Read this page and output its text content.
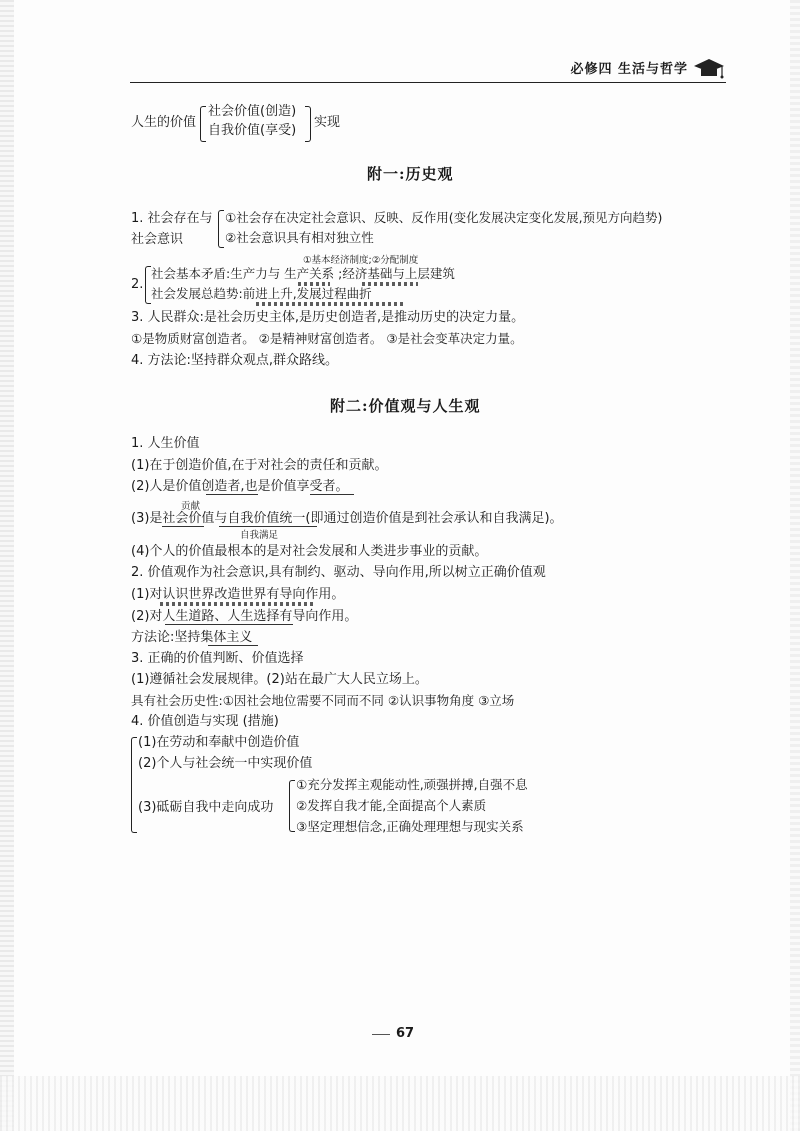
必修四 生活与哲学
人生的价值
社会价值(创造)
自我价值(享受)
实现
附一:历史观
1. 社会存在与
社会意识
①社会存在决定社会意识、反映、反作用(变化发展决定变化发展,预见方向趋势)
②社会意识具有相对独立性
①基本经济制度;②分配制度
2.
社会基本矛盾:生产力与 生产关系 ;经济基础与上层建筑
社会发展总趋势:前进上升,发展过程曲折
3. 人民群众:是社会历史主体,是历史创造者,是推动历史的决定力量。
①是物质财富创造者。 ②是精神财富创造者。 ③是社会变革决定力量。
4. 方法论:坚持群众观点,群众路线。
附二:价值观与人生观
1. 人生价值
(1)在于创造价值,在于对社会的责任和贡献。
(2)人是价值创造者,也是价值享受者。
贡献
(3)是社会价值与自我价值统一(即通过创造价值是到社会承认和自我满足)。
自我满足
(4)个人的价值最根本的是对社会发展和人类进步事业的贡献。
2. 价值观作为社会意识,具有制约、驱动、导向作用,所以树立正确价值观
(1)对认识世界改造世界有导向作用。
(2)对人生道路、人生选择有导向作用。
方法论:坚持集体主义
3. 正确的价值判断、价值选择
(1)遵循社会发展规律。(2)站在最广大人民立场上。
具有社会历史性:①因社会地位需要不同而不同 ②认识事物角度 ③立场
4. 价值创造与实现 (措施)
(1)在劳动和奉献中创造价值
(2)个人与社会统一中实现价值
(3)砥砺自我中走向成功
①充分发挥主观能动性,顽强拼搏,自强不息
②发挥自我才能,全面提高个人素质
③坚定理想信念,正确处理理想与现实关系
67
